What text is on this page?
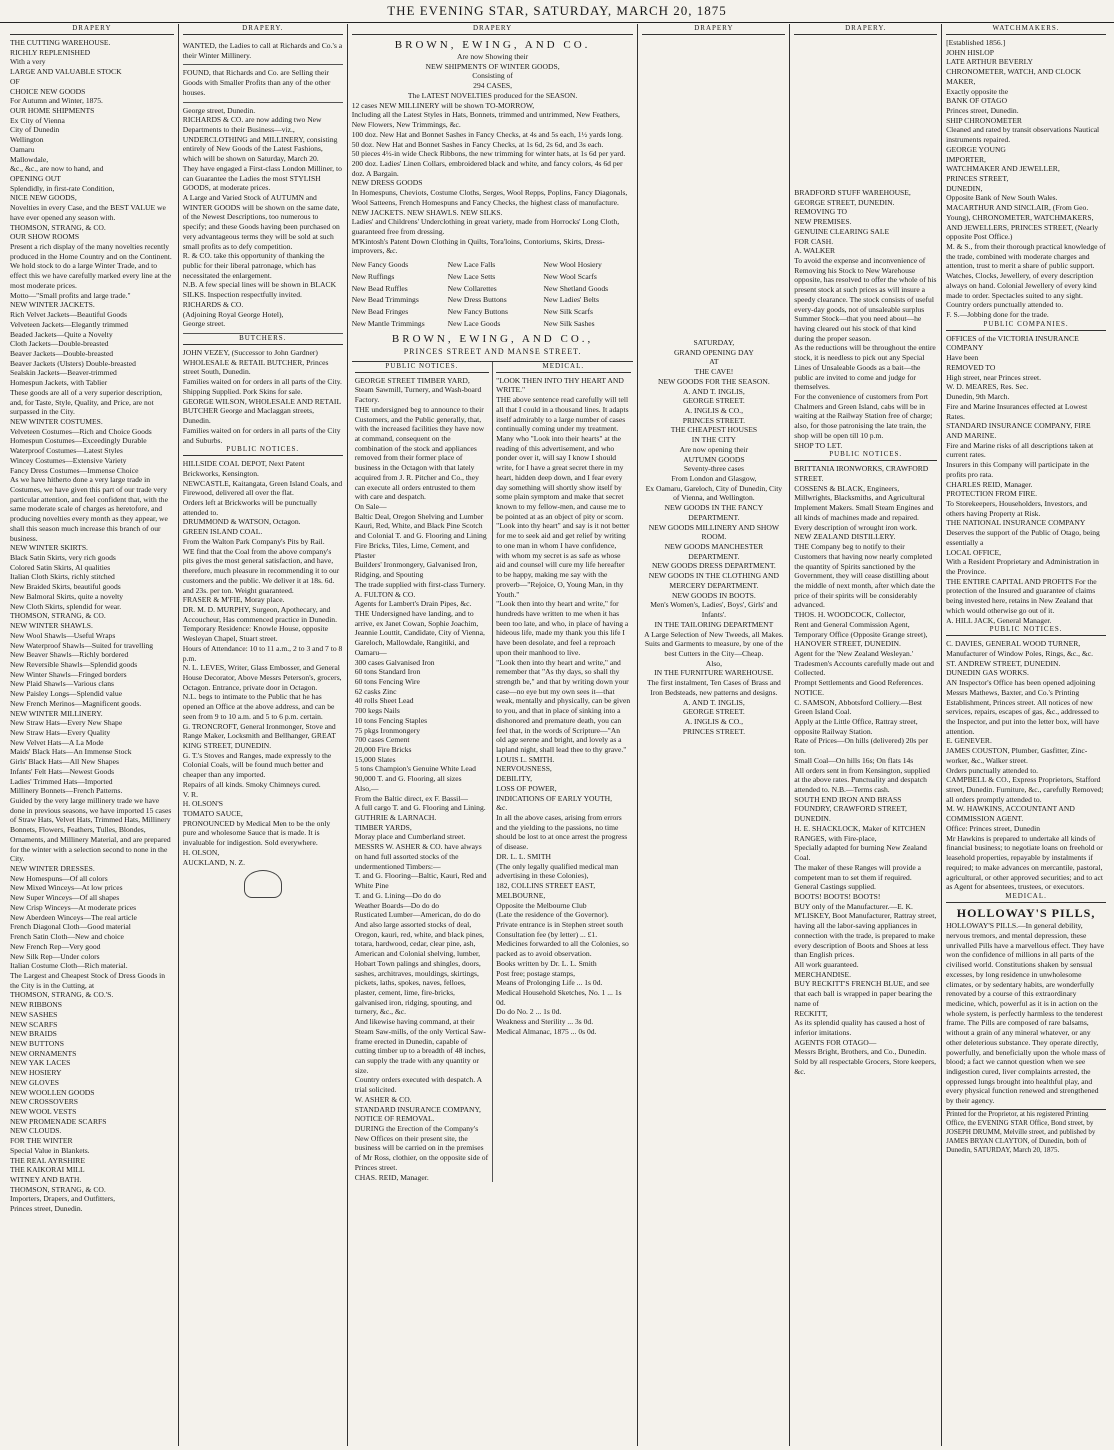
THE EVENING STAR, SATURDAY, MARCH 20, 1875
DRAPERY

THE CUTTING WAREHOUSE.

RICHLY REPLENISHED

With a very

LARGE AND VALUABLE STOCK

OF

CHOICE NEW GOODS

For Autumn and Winter, 1875.

OUR HOME SHIPMENTS

Ex City of Vienna

City of Dunedin

Wellington

Oamaru

Mallowdale,

&c., &c., are now to hand, and

OPENING OUT

Splendidly, in first-rate Condition,

NICE NEW GOODS,

Novelties in every Case, and the BEST VALUE we have ever opened any season with.

THOMSON, STRANG, & CO.

OUR SHOW ROOMS

Present a rich display of the many novelties recently produced in the Home Country and on the Continent. We hold stock to do a large Winter Trade, and to effect this we have carefully marked every line at the most moderate prices.

Motto—"Small profits and large trade."

NEW WINTER JACKETS.

Rich Velvet Jackets—Beautiful Goods

Velveteen Jackets—Elegantly trimmed

Beaded Jackets—Quite a Novelty

Cloth Jackets—Double-breasted

Beaver Jackets—Double-breasted

Beaver Jackets (Ulsters) Double-breasted

Sealskin Jackets—Beaver-trimmed

Homespun Jackets, with Tablier

These goods are all of a very superior description, and, for Taste, Style, Quality, and Price, are not surpassed in the City.

NEW WINTER COSTUMES.

Velveteen Costumes—Rich and Choice Goods

Homespun Costumes—Exceedingly Durable

Waterproof Costumes—Latest Styles

Wincey Costumes—Extensive Variety

Fancy Dress Costumes—Immense Choice

As we have hitherto done a very large trade in Costumes, we have given this part of our trade very particular attention, and feel confident that, with the same moderate scale of charges as heretofore, and producing novelties every month as they appear, we shall this season much increase this branch of our business.

NEW WINTER SKIRTS.

Black Satin Skirts, very rich goods

Colored Satin Skirts, Al qualities

Italian Cloth Skirts, richly stitched

New Braided Skirts, beautiful goods

New Balmoral Skirts, quite a novelty

New Cloth Skirts, splendid for wear.

THOMSON, STRANG, & CO.

NEW WINTER SHAWLS.

New Wool Shawls—Useful Wraps

New Waterproof Shawls—Suited for travelling

New Beaver Shawls—Richly bordered

New Reversible Shawls—Splendid goods

New Winter Shawls—Fringed borders

New Plaid Shawls—Various clans

New Paisley Longs—Splendid value

New French Merinos—Magnificent goods.

NEW WINTER MILLINERY.

New Straw Hats—Every New Shape

New Straw Hats—Every Quality

New Velvet Hats—A La Mode

Maids' Black Hats—An Immense Stock

Girls' Black Hats—All New Shapes

Infants' Felt Hats—Newest Goods

Ladies' Trimmed Hats—Imported

Millinery Bonnets—French Patterns.

Guided by the very large millinery trade we have done in previous seasons, we have imported 15 cases of Straw Hats, Velvet Hats, Trimmed Hats, Millinery Bonnets, Flowers, Feathers, Tulles, Blondes, Ornaments, and Millinery Material, and are prepared for the winter with a selection second to none in the City.

NEW WINTER DRESSES.

New Homespuns—Of all colors

New Mixed Winceys—At low prices

New Super Winceys—Of all shapes

New Crisp Winceys—At moderate prices

New Aberdeen Winceys—The real article

French Diagonal Cloth—Good material

French Satin Cloth—New and choice

New French Rep—Very good

New Silk Rep—Under colors

Italian Costume Cloth—Rich material.

The Largest and Cheapest Stock of Dress Goods in the City is in the Cutting, at

THOMSON, STRANG, & CO.'S.

NEW RIBBONS

NEW SASHES

NEW SCARFS

NEW BRAIDS

NEW BUTTONS

NEW ORNAMENTS

NEW YAK LACES

NEW HOSIERY

NEW GLOVES

NEW WOOLLEN GOODS

NEW CROSSOVERS

NEW WOOL VESTS

NEW PROMENADE SCARFS

NEW CLOUDS.

FOR THE WINTER

Special Value in Blankets.

THE REAL AYRSHIRE

THE KAIKORAI MILL

WITNEY AND BATH.

THOMSON, STRANG, & CO.

Importers, Drapers, and Outfitters,

Princes street, Dunedin.

DRAPERY.

WANTED, the Ladies to call at Richards and Co.'s a their Winter Millinery.

FOUND, that Richards and Co. are Selling their Goods with Smaller Profits than any of the other houses.

George street, Dunedin.

RICHARDS & CO. are now adding two New Departments to their Business—viz., UNDERCLOTHING and MILLINERY, consisting entirely of New Goods of the Latest Fashions, which will be shown on Saturday, March 20.

They have engaged a First-class London Milliner, to can Guarantee the Ladies the most STYLISH GOODS, at moderate prices.

A Large and Varied Stock of AUTUMN and WINTER GOODS will be shown on the same date, of the Newest Descriptions, too numerous to specify; and these Goods having been purchased on very advantageous terms they will be sold at such small profits as to defy competition.

R. & CO. take this opportunity of thanking the public for their liberal patronage, which has necessitated the enlargement.

N.B. A few special lines will be shown in BLACK SILKS. Inspection respectfully invited.

RICHARDS & CO.

(Adjoining Royal George Hotel),

George street.

BUTCHERS.

JOHN VEZEY, (Successor to John Gardner) WHOLESALE & RETAIL BUTCHER, Princes street South, Dunedin.

Families waited on for orders in all parts of the City. Shipping Supplied. Pork Skins for sale.

GEORGE WILSON, WHOLESALE AND RETAIL BUTCHER George and Maclaggan streets, Dunedin.

Families waited on for orders in all parts of the City and Suburbs.

PUBLIC NOTICES.

HILLSIDE COAL DEPOT, Next Patent Brickworks, Kensington.

NEWCASTLE, Kaitangata, Green Island Coals, and Firewood, delivered all over the flat.

Orders left at Brickworks will be punctually attended to.

DRUMMOND & WATSON, Octagon.

GREEN ISLAND COAL.

From the Walton Park Company's Pits by Rail.

WE find that the Coal from the above company's pits gives the most general satisfaction, and have, therefore, much pleasure in recommending it to our customers and the public. We deliver it at 18s. 6d. and 23s. per ton. Weight guaranteed.

FRASER & M'FIE, Moray place.

DR. M. D. MURPHY, Surgeon, Apothecary, and Accoucheur, Has commenced practice in Dunedin.

Temporary Residence: Knowle House, opposite Wesleyan Chapel, Stuart street.

Hours of Attendance: 10 to 11 a.m., 2 to 3 and 7 to 8 p.m.

N. L. LEVES, Writer, Glass Embosser, and General House Decorator, Above Messrs Peterson's, grocers, Octagon. Entrance, private door in Octagon.

N.L. begs to intimate to the Public that he has opened an Office at the above address, and can be seen from 9 to 10 a.m. and 5 to 6 p.m. certain.

G. TRONCROFT, General Ironmonger, Stove and Range Maker, Locksmith and Bellhanger, GREAT KING STREET, DUNEDIN.

G. T.'s Stoves and Ranges, made expressly to the Colonial Coals, will be found much better and cheaper than any imported.

Repairs of all kinds. Smoky Chimneys cured.

V. R.

H. OLSON'S

TOMATO SAUCE,

PRONOUNCED by Medical Men to be the only pure and wholesome Sauce that is made. It is invaluable for indigestion. Sold everywhere.

H. OLSON,

AUCKLAND, N. Z.

DRAPERY
BROWN, EWING, AND CO.

Are now Showing their

NEW SHIPMENTS OF WINTER GOODS,

Consisting of

294 CASES,

The LATEST NOVELTIES produced for the SEASON.

12 cases NEW MILLINERY will be shown TO-MORROW,

Including all the Latest Styles in Hats, Bonnets, trimmed and untrimmed, New Feathers, New Flowers, New Trimmings, &c.

100 doz. New Hat and Bonnet Sashes in Fancy Checks, at 4s and 5s each, 1½ yards long.

50 doz. New Hat and Bonnet Sashes in Fancy Checks, at 1s 6d, 2s 6d, and 3s each.

50 pieces 4½-in wide Check Ribbons, the new trimming for winter hats, at 1s 6d per yard.

200 doz. Ladies' Linen Collars, embroidered black and white, and fancy colors, 4s 6d per doz. A Bargain.

NEW DRESS GOODS

In Homespuns, Cheviots, Costume Cloths, Serges, Wool Repps, Poplins, Fancy Diagonals, Wool Satteens, French Homespuns and Fancy Checks, the highest class of manufacture.

NEW JACKETS. NEW SHAWLS. NEW SILKS.

Ladies' and Childrens' Underclothing in great variety, made from Horrocks' Long Cloth, guaranteed free from dressing.

M'Kintosh's Patent Down Clothing in Quilts, Tora'loins, Contoriums, Skirts, Dress-improvers, &c.

New Fancy Goods	New Lace Falls	New Wool Hosiery
New Ruffings	New Lace Setts	New Wool Scarfs
New Bead Ruffles	New Collarettes	New Shetland Goods
New Bead Trimmings	New Dress Buttons	New Ladies' Belts
New Bead Fringes	New Fancy Buttons	New Silk Scarfs
New Mantle Trimmings	New Lace Goods	New Silk Sashes
BROWN, EWING, AND CO.,
PRINCES STREET AND MANSE STREET.
PUBLIC NOTICES.

GEORGE STREET TIMBER YARD, Steam Sawmill, Turnery, and Wash-board Factory.

THE undersigned beg to announce to their Customers, and the Public generally, that, with the increased facilities they have now at command, consequent on the combination of the stock and appliances removed from their former place of business in the Octagon with that lately acquired from J. R. Pitcher and Co., they can execute all orders entrusted to them with care and despatch.

On Sale—

Baltic Deal, Oregon Shelving and Lumber Kauri, Red, White, and Black Pine Scotch and Colonial T. and G. Flooring and Lining

Fire Bricks, Tiles, Lime, Cement, and Plaster

Builders' Ironmongery, Galvanised Iron, Ridging, and Spouting

The trade supplied with first-class Turnery.

A. FULTON & CO.

Agents for Lambert's Drain Pipes, &c.

THE Undersigned have landing, and to arrive, ex Janet Cowan, Sophie Joachim, Jeannie Louttit, Candidate, City of Vienna, Gareloch, Mallowdale, Rangitiki, and Oamaru—

300 cases Galvanised Iron

60 tons Standard Iron

60 tons Fencing Wire

62 casks Zinc

40 rolls Sheet Lead

700 kegs Nails

10 tons Fencing Staples

75 pkgs Ironmongery

700 cases Cement

20,000 Fire Bricks

15,000 Slates

5 tons Champion's Genuine White Lead

90,000 T. and G. Flooring, all sizes

Also,—

From the Baltic direct, ex F. Bassil—

A full cargo T. and G. Flooring and Lining.

GUTHRIE & LARNACH.

TIMBER YARDS,

Moray place and Cumberland street.

MESSRS W. ASHER & CO. have always on hand full assorted stocks of the undermentioned Timbers:—

T. and G. Flooring—Baltic, Kauri, Red and White Pine

T. and G. Lining—Do do do

Weather Boards—Do do do

Rusticated Lumber—American, do do do

And also large assorted stocks of deal, Oregon, kauri, red, white, and black pines, totara, hardwood, cedar, clear pine, ash, American and Colonial shelving, lumber, Hobart Town palings and shingles, doors, sashes, architraves, mouldings, skirtings, pickets, laths, spokes, naves, felloes, plaster, cement, lime, fire-bricks, galvanised iron, ridging, spouting, and turnery, &c., &c.

And likewise having command, at their Steam Saw-mills, of the only Vertical Saw-frame erected in Dunedin, capable of cutting timber up to a breadth of 48 inches, can supply the trade with any quantity or size.

Country orders executed with despatch. A trial solicited.

W. ASHER & CO.

STANDARD INSURANCE COMPANY,

NOTICE OF REMOVAL.

DURING the Erection of the Company's New Offices on their present site, the business will be carried on in the premises of Mr Ross, clothier, on the opposite side of Princes street.

CHAS. REID, Manager.

MEDICAL.

"LOOK THEN INTO THY HEART AND WRITE."

THE above sentence read carefully will tell all that I could in a thousand lines. It adapts itself admirably to a large number of cases continually coming under my treatment.

Many who "Look into their hearts" at the reading of this advertisement, and who ponder over it, will say I know I should write, for I have a great secret there in my heart, hidden deep down, and I fear every day something will shortly show itself by some plain symptom and make that secret known to my fellow-men, and cause me to be pointed at as an object of pity or scorn.

"Look into thy heart" and say is it not better for me to seek aid and get relief by writing to one man in whom I have confidence, with whom my secret is as safe as whose aid and counsel will cure my life hereafter to be happy, making me say with the proverb—"Rejoice, O, Young Man, in thy Youth."

"Look then into thy heart and write," for hundreds have written to me when it has been too late, and who, in place of having a hideous life, made my thank you this life I have been desolate, and feel a reproach upon their manhood to live.

"Look then into thy heart and write," and remember that "As thy days, so shall thy strength be," and that by writing down your case—no eye but my own sees it—that weak, mentally and physically, can be given to you, and that in place of sinking into a dishonored and premature death, you can feel that, in the words of Scripture—"An old age serene and bright, and lovely as a lapland night, shall lead thee to thy grave."

LOUIS L. SMITH.

NERVOUSNESS,

DEBILITY,

LOSS OF POWER,

INDICATIONS OF EARLY YOUTH,

&c.

In all the above cases, arising from errors and the yielding to the passions, no time should be lost to at once arrest the progress of disease.

DR. L. L. SMITH

(The only legally qualified medical man advertising in these Colonies),

182, COLLINS STREET EAST, MELBOURNE,

Opposite the Melbourne Club

(Late the residence of the Governor).

Private entrance is in Stephen street south

Consultation fee (by letter) ... £1.

Medicines forwarded to all the Colonies, so packed as to avoid observation.

Books written by Dr. L. L. Smith

Post free; postage stamps,

Means of Prolonging Life ... 1s 0d.

Medical Household Sketches, No. 1 ... 1s 0d.

Do do No. 2 ... 1s 0d.

Weakness and Sterility ... 3s 0d.

Medical Almanac, 1875 ... 0s 0d.

DRAPERY

SATURDAY,

GRAND OPENING DAY

AT

THE CAVE!

NEW GOODS FOR THE SEASON.

A. AND T. INGLIS,

GEORGE STREET.

A. INGLIS & CO.,

PRINCES STREET.

THE CHEAPEST HOUSES

IN THE CITY

Are now opening their

AUTUMN GOODS

Seventy-three cases

From London and Glasgow,

Ex Oamaru, Gareloch, City of Dunedin, City of Vienna, and Wellington.

NEW GOODS IN THE FANCY DEPARTMENT.

NEW GOODS MILLINERY AND SHOW ROOM.

NEW GOODS MANCHESTER DEPARTMENT.

NEW GOODS DRESS DEPARTMENT.

NEW GOODS IN THE CLOTHING AND MERCERY DEPARTMENT.

NEW GOODS IN BOOTS.

Men's Women's, Ladies', Boys', Girls' and Infants'.

IN THE TAILORING DEPARTMENT

A Large Selection of New Tweeds, all Makes. Suits and Garments to measure, by one of the best Cutters in the City—Cheap.

Also,

IN THE FURNITURE WAREHOUSE.

The first instalment, Ten Cases of Brass and Iron Bedsteads, new patterns and designs.

A. AND T. INGLIS,

GEORGE STREET.

A. INGLIS & CO.,

PRINCES STREET.

DRAPERY.

BRADFORD STUFF WAREHOUSE,

GEORGE STREET, DUNEDIN.

REMOVING TO

NEW PREMISES.

GENUINE CLEARING SALE

FOR CASH.

A. WALKER

To avoid the expense and inconvenience of Removing his Stock to New Warehouse opposite, has resolved to offer the whole of his present stock at such prices as will insure a speedy clearance. The stock consists of useful every-day goods, not of unsaleable surplus Summer Stock—that you need about—he having cleared out his stock of that kind during the proper season.

As the reductions will be throughout the entire stock, it is needless to pick out any Special Lines of Unsaleable Goods as a bait—the public are invited to come and judge for themselves.

For the convenience of customers from Port Chalmers and Green Island, cabs will be in waiting at the Railway Station free of charge; also, for those patronising the late train, the shop will be open till 10 p.m.

SHOP TO LET.

PUBLIC NOTICES.

BRITTANIA IRONWORKS, CRAWFORD STREET.

COSSENS & BLACK, Engineers, Millwrights, Blacksmiths, and Agricultural Implement Makers. Small Steam Engines and all kinds of machines made and repaired. Every description of wrought iron work.

NEW ZEALAND DISTILLERY.

THE Company beg to notify to their Customers that having now nearly completed the quantity of Spirits sanctioned by the Government, they will cease distilling about the middle of next month, after which date the price of their spirits will be considerably advanced.

THOS. H. WOODCOCK, Collector,

Rent and General Commission Agent, Temporary Office (Opposite Grange street),

HANOVER STREET, DUNEDIN.

Agent for the 'New Zealand Wesleyan.' Tradesmen's Accounts carefully made out and Collected.

Prompt Settlements and Good References.

NOTICE.

C. SAMSON, Abbotsford Colliery.—Best Green Island Coal.

Apply at the Little Office, Rattray street, opposite Railway Station.

Rate of Prices—On hills (delivered) 20s per ton.

Small Coal—On hills 16s; On flats 14s

All orders sent in from Kensington, supplied at the above rates. Punctuality and despatch attended to. N.B.—Terms cash.

SOUTH END IRON AND BRASS FOUNDRY, CRAWFORD STREET, DUNEDIN.

H. E. SHACKLOCK, Maker of KITCHEN RANGES, with Fire-place,

Specially adapted for burning New Zealand Coal.

The maker of these Ranges will provide a competent man to set them if required. General Castings supplied.

BOOTS! BOOTS! BOOTS!

BUY only of the Manufacturer.—E. K. M'LISKEY, Boot Manufacturer, Rattray street, having all the labor-saving appliances in connection with the trade, is prepared to make every description of Boots and Shoes at less than English prices.

All work guaranteed.

MERCHANDISE.

BUY RECKITT'S FRENCH BLUE, and see that each ball is wrapped in paper bearing the name of

RECKITT,

As its splendid quality has caused a host of inferior imitations.

AGENTS FOR OTAGO—

Messrs Bright, Brothers, and Co., Dunedin.

Sold by all respectable Grocers, Store keepers, &c.

WATCHMAKERS.

[Established 1856.]

JOHN HISLOP

LATE ARTHUR BEVERLY

CHRONOMETER, WATCH, AND CLOCK MAKER,

Exactly opposite the

BANK OF OTAGO

Princes street, Dunedin.

SHIP CHRONOMETER

Cleaned and rated by transit observations Nautical instruments repaired.

GEORGE YOUNG

IMPORTER,

WATCHMAKER AND JEWELLER,

PRINCES STREET,

DUNEDIN,

Opposite Bank of New South Wales.

MACARTHUR AND SINCLAIR, (From Geo. Young), CHRONOMETER, WATCHMAKERS, AND JEWELLERS, PRINCES STREET, (Nearly opposite Post Office.)

M. & S., from their thorough practical knowledge of the trade, combined with moderate charges and attention, trust to merit a share of public support.

Watches, Clocks, Jewellery, of every description always on hand. Colonial Jewellery of every kind made to order. Spectacles suited to any sight. Country orders punctually attended to.

F. S.—Jobbing done for the trade.

PUBLIC COMPANIES.

OFFICES of the VICTORIA INSURANCE COMPANY

Have been

REMOVED TO

High street, near Princes street.

W. D. MEARES, Res. Sec.

Dunedin, 9th March.

Fire and Marine Insurances effected at Lowest Rates.

STANDARD INSURANCE COMPANY, FIRE AND MARINE.

Fire and Marine risks of all descriptions taken at current rates.

Insurers in this Company will participate in the profits pro rata.

CHARLES REID, Manager.

PROTECTION FROM FIRE.

To Storekeepers, Householders, Investors, and others having Property at Risk.

THE NATIONAL INSURANCE COMPANY

Deserves the support of the Public of Otago, being essentially a

LOCAL OFFICE,

With a Resident Proprietary and Administration in the Province.

THE ENTIRE CAPITAL AND PROFITS For the protection of the Insured and guarantee of claims being invested here, retains in New Zealand that which would otherwise go out of it.

A. HILL JACK, General Manager.

PUBLIC NOTICES.

C. DAVIES, GENERAL WOOD TURNER, Manufacturer of Window Poles, Rings, &c., &c.

ST. ANDREW STREET, DUNEDIN.

DUNEDIN GAS WORKS.

AN Inspector's Office has been opened adjoining Messrs Mathews, Baxter, and Co.'s Printing Establishment, Princes street. All notices of new services, repairs, escapes of gas, &c., addressed to the Inspector, and put into the letter box, will have attention.

E. GENEVER.

JAMES COUSTON, Plumber, Gasfitter, Zinc-worker, &c., Walker street.

Orders punctually attended to.

CAMPBELL & CO., Express Proprietors, Stafford street, Dunedin. Furniture, &c., carefully Removed; all orders promptly attended to.

M. W. HAWKINS, ACCOUNTANT AND COMMISSION AGENT.

Office: Princes street, Dunedin

Mr Hawkins is prepared to undertake all kinds of financial business; to negotiate loans on freehold or leasehold properties, repayable by instalments if required; to make advances on mercantile, pastoral, agricultural, or other approved securities; and to act as Agent for absentees, trustees, or executors.

MEDICAL.
HOLLOWAY'S PILLS,
HOLLOWAY'S PILLS.—In general debility, nervous tremors, and mental depression, these unrivalled Pills have a marvellous effect. They have won the confidence of millions in all parts of the civilised world. Constitutions shaken by sensual excesses, by long residence in unwholesome climates, or by sedentary habits, are wonderfully renovated by a course of this extraordinary medicine, which, powerful as it is in action on the whole system, is perfectly harmless to the tenderest frame. The Pills are composed of rare balsams, without a grain of any mineral whatever, or any other deleterious substance. They operate directly, powerfully, and beneficially upon the whole mass of blood; a fact we cannot question when we see indigestion cured, liver complaints arrested, the oppressed lungs brought into healthful play, and every physical function renewed and strengthened by their agency.
Printed for the Proprietor, at his registered Printing Office, the EVENING STAR Office, Bond street, by JOSEPH DRUMM, Melville street, and published by JAMES BRYAN CLAYTON, of Dunedin, both of Dunedin, SATURDAY, March 20, 1875.
